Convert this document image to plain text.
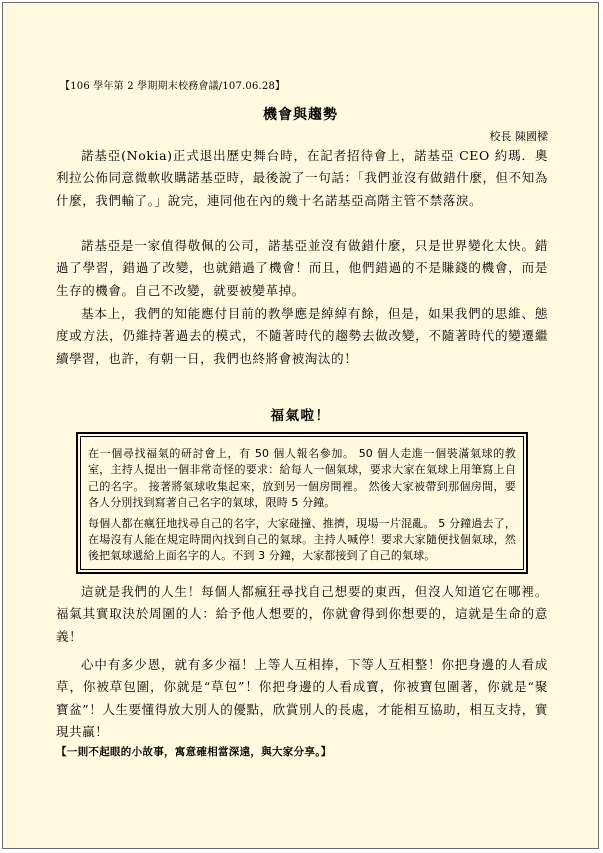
【106 學年第 2 學期期末校務會議/107.06.28】
機會與趨勢
校長 陳國樑

諾基亞(Nokia)正式退出歷史舞台時，在記者招待會上，諾基亞 CEO 約瑪．奧利拉公佈同意微軟收購諾基亞時，最後說了一句話：「我們並沒有做錯什麼，但不知為什麼，我們輸了。」說完，連同他在內的幾十名諾基亞高階主管不禁落淚。

諾基亞是一家值得敬佩的公司，諾基亞並沒有做錯什麼，只是世界變化太快。錯過了學習，錯過了改變，也就錯過了機會！而且，他們錯過的不是賺錢的機會，而是生存的機會。自己不改變，就要被變革掉。

基本上，我們的知能應付目前的教學應是綽綽有餘，但是，如果我們的思維、態度或方法，仍維持著過去的模式，不隨著時代的趨勢去做改變，不隨著時代的變遷繼續學習，也許，有朝一日，我們也終將會被淘汰的！

福氣啦！

在一個尋找福氣的研討會上，有 50 個人報名參加。 50 個人走進一個裝滿氣球的教室，主持人提出一個非常奇怪的要求：給每人一個氣球，要求大家在氣球上用筆寫上自己的名字。 接著將氣球收集起來，放到另一個房間裡。 然後大家被帶到那個房間，要各人分別找到寫著自己名字的氣球，限時 5 分鐘。

每個人都在瘋狂地找尋自己的名字，大家碰撞、推擠，現場一片混亂。 5 分鐘過去了，在場沒有人能在規定時間內找到自己的氣球。主持人喊停！要求大家隨便找個氣球，然後把氣球遞給上面名字的人。不到 3 分鐘，大家都接到了自己的氣球。

這就是我們的人生！每個人都瘋狂尋找自己想要的東西，但沒人知道它在哪裡。福氣其實取決於周圍的人：給予他人想要的，你就會得到你想要的，這就是生命的意義！

心中有多少恩，就有多少福！上等人互相捧，下等人互相整！你把身邊的人看成草，你被草包圍，你就是“草包”！你把身邊的人看成寶，你被寶包圍著，你就是“聚寶盆”！人生要懂得放大別人的優點，欣賞別人的長處，才能相互協助，相互支持，實現共贏！

【一則不起眼的小故事，寓意確相當深遠，與大家分享。】
